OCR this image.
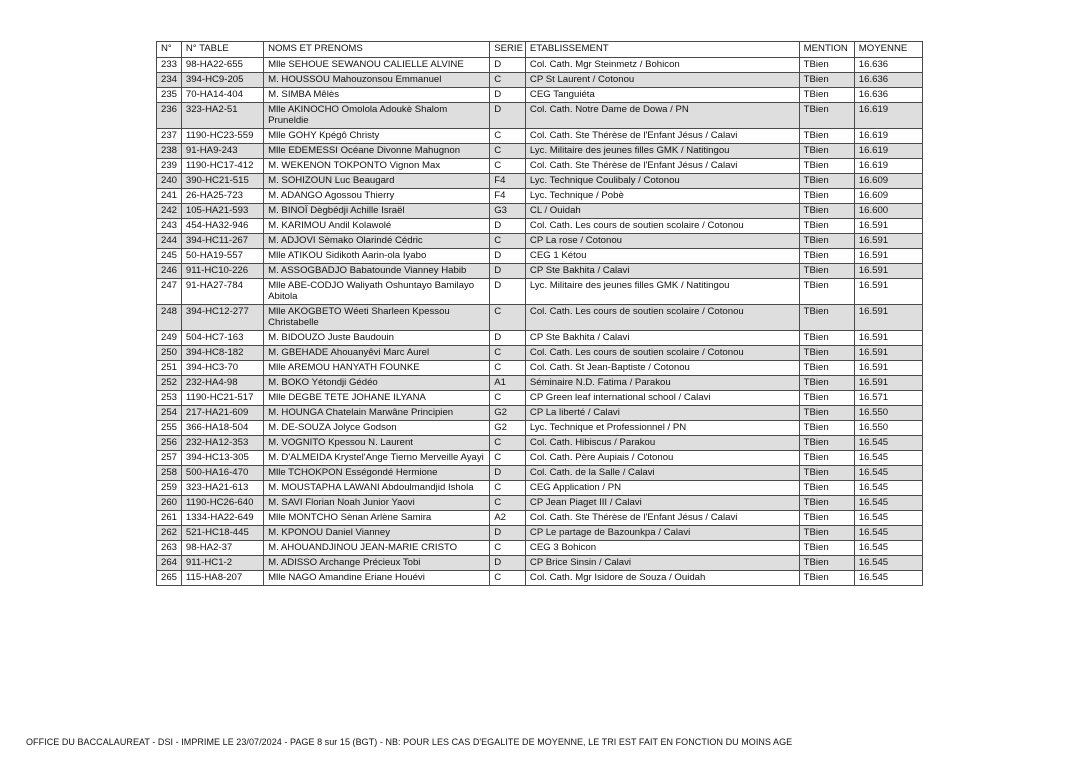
N°	N° TABLE	NOMS ET PRENOMS	SERIE	ETABLISSEMENT	MENTION	MOYENNE
233	98-HA22-655	Mlle SEHOUE SEWANOU CALIELLE ALVINE	D	Col. Cath. Mgr Steinmetz / Bohicon	TBien	16.636
234	394-HC9-205	M. HOUSSOU Mahouzonsou Emmanuel	C	CP St Laurent / Cotonou	TBien	16.636
235	70-HA14-404	M. SIMBA Mêlès	D	CEG Tanguiéta	TBien	16.636
236	323-HA2-51	Mlle AKINOCHO Omolola Adoukè Shalom Pruneldie	D	Col. Cath. Notre Dame de Dowa / PN	TBien	16.619
237	1190-HC23-559	Mlle GOHY Kpégô Christy	C	Col. Cath. Ste Thérèse de l'Enfant Jésus / Calavi	TBien	16.619
238	91-HA9-243	Mlle EDEMESSI Océane Divonne Mahugnon	C	Lyc. Militaire des jeunes filles GMK / Natitingou	TBien	16.619
239	1190-HC17-412	M. WEKENON TOKPONTO Vignon Max	C	Col. Cath. Ste Thérèse de l'Enfant Jésus / Calavi	TBien	16.619
240	390-HC21-515	M. SOHIZOUN Luc Beaugard	F4	Lyc. Technique Coulibaly / Cotonou	TBien	16.609
241	26-HA25-723	M. ADANGO Agossou Thierry	F4	Lyc. Technique / Pobè	TBien	16.609
242	105-HA21-593	M. BINOÏ Dègbédji Achille Israël	G3	CL / Ouidah	TBien	16.600
243	454-HA32-946	M. KARIMOU Andil Kolawolé	D	Col. Cath. Les cours de soutien scolaire / Cotonou	TBien	16.591
244	394-HC11-267	M. ADJOVI Sèmako Olarindé Cédric	C	CP La rose / Cotonou	TBien	16.591
245	50-HA19-557	Mlle ATIKOU Sidikoth Aarin-ola Iyabo	D	CEG 1 Kétou	TBien	16.591
246	911-HC10-226	M. ASSOGBADJO Babatounde Vianney Habib	D	CP Ste Bakhita / Calavi	TBien	16.591
247	91-HA27-784	Mlle ABE-CODJO Waliyath Oshuntayo Bamilayo Abitola	D	Lyc. Militaire des jeunes filles GMK / Natitingou	TBien	16.591
248	394-HC12-277	Mlle AKOGBETO Wéeti Sharleen Kpessou Christabelle	C	Col. Cath. Les cours de soutien scolaire / Cotonou	TBien	16.591
249	504-HC7-163	M. BIDOUZO Juste Baudouin	D	CP Ste Bakhita / Calavi	TBien	16.591
250	394-HC8-182	M. GBEHADE Ahouanyêvi Marc Aurel	C	Col. Cath. Les cours de soutien scolaire / Cotonou	TBien	16.591
251	394-HC3-70	Mlle AREMOU HANYATH FOUNKE	C	Col. Cath. St Jean-Baptiste / Cotonou	TBien	16.591
252	232-HA4-98	M. BOKO Yétondji Gédéo	A1	Séminaire N.D. Fatima / Parakou	TBien	16.591
253	1190-HC21-517	Mlle DEGBE TETE JOHANE ILYANA	C	CP Green leaf international school / Calavi	TBien	16.571
254	217-HA21-609	M. HOUNGA Chatelain Marwâne Principien	G2	CP La liberté / Calavi	TBien	16.550
255	366-HA18-504	M. DE-SOUZA Jolyce Godson	G2	Lyc. Technique et Professionnel / PN	TBien	16.550
256	232-HA12-353	M. VOGNITO Kpessou N. Laurent	C	Col. Cath. Hibiscus / Parakou	TBien	16.545
257	394-HC13-305	M. D'ALMEIDA Krystel'Ange Tierno Merveille Ayayi	C	Col. Cath. Père Aupiais / Cotonou	TBien	16.545
258	500-HA16-470	Mlle TCHOKPON Ességondé Hermione	D	Col. Cath. de la Salle / Calavi	TBien	16.545
259	323-HA21-613	M. MOUSTAPHA LAWANI Abdoulmandjid Ishola	C	CEG Application / PN	TBien	16.545
260	1190-HC26-640	M. SAVI Florian Noah Junior Yaovi	C	CP Jean Piaget III / Calavi	TBien	16.545
261	1334-HA22-649	Mlle MONTCHO Sènan Arlène Samira	A2	Col. Cath. Ste Thérèse de l'Enfant Jésus / Calavi	TBien	16.545
262	521-HC18-445	M. KPONOU Daniel Vianney	D	CP Le partage de Bazounkpa / Calavi	TBien	16.545
263	98-HA2-37	M. AHOUANDJINOU JEAN-MARIE CRISTO	C	CEG 3 Bohicon	TBien	16.545
264	911-HC1-2	M. ADISSO Archange Précieux Tobi	D	CP Brice Sinsin / Calavi	TBien	16.545
265	115-HA8-207	Mlle NAGO Amandine Eriane Houévi	C	Col. Cath. Mgr Isidore de Souza / Ouidah	TBien	16.545
OFFICE DU BACCALAUREAT - DSI - IMPRIME LE 23/07/2024 - PAGE 8 sur 15 (BGT) - NB: POUR LES CAS D'EGALITE DE MOYENNE, LE TRI EST FAIT EN FONCTION DU MOINS AGE
